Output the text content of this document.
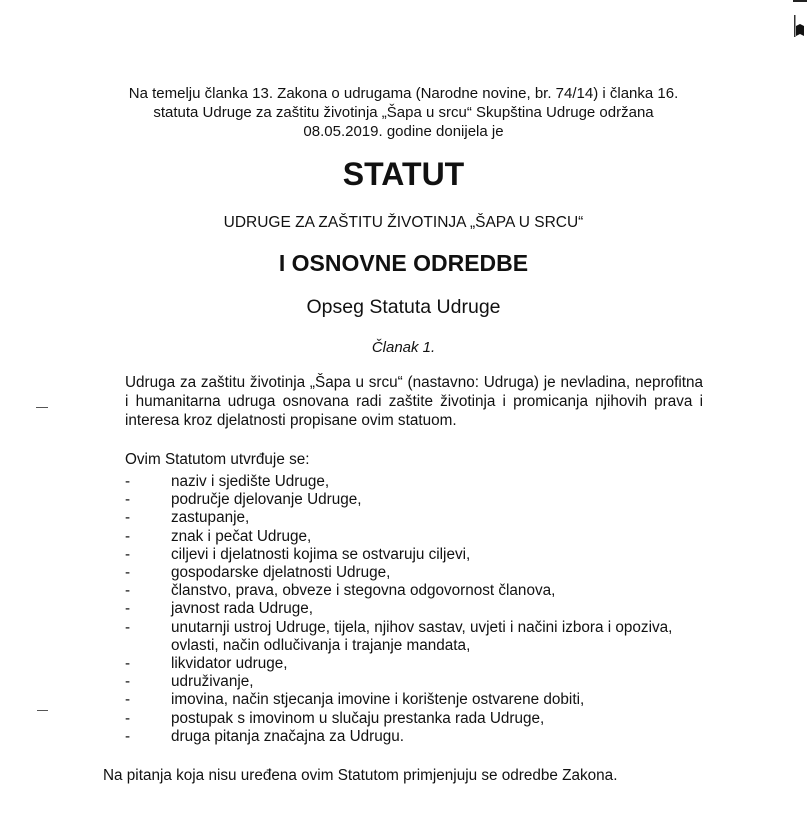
Na temelju članka 13. Zakona o udrugama (Narodne novine, br. 74/14) i članka 16.
statuta Udruge za zaštitu životinja „Šapa u srcu“ Skupština Udruge održana
08.05.2019. godine donijela je
STATUT
UDRUGE ZA ZAŠTITU ŽIVOTINJA „ŠAPA U SRCU“
I OSNOVNE ODREDBE
Opseg Statuta Udruge
Članak 1.
Udruga za zaštitu životinja „Šapa u srcu“ (nastavno: Udruga) je nevladina, neprofitna i humanitarna udruga osnovana radi zaštite životinja i promicanja njihovih prava i interesa kroz djelatnosti propisane ovim statuom.
Ovim Statutom utvrđuje se:
-	naziv i sjedište Udruge,
-	područje djelovanje Udruge,
-	zastupanje,
-	znak i pečat Udruge,
-	ciljevi i djelatnosti kojima se ostvaruju ciljevi,
-	gospodarske djelatnosti Udruge,
-	članstvo, prava, obveze i stegovna odgovornost članova,
-	javnost rada Udruge,
-	unutarnji ustroj Udruge, tijela, njihov sastav, uvjeti i načini izbora i opoziva, ovlasti, način odlučivanja i trajanje mandata,
-	likvidator udruge,
-	udruživanje,
-	imovina, način stjecanja imovine i korištenje ostvarene dobiti,
-	postupak s imovinom u slučaju prestanka rada Udruge,
-	druga pitanja značajna za Udrugu.
Na pitanja koja nisu uređena ovim Statutom primjenjuju se odredbe Zakona.
